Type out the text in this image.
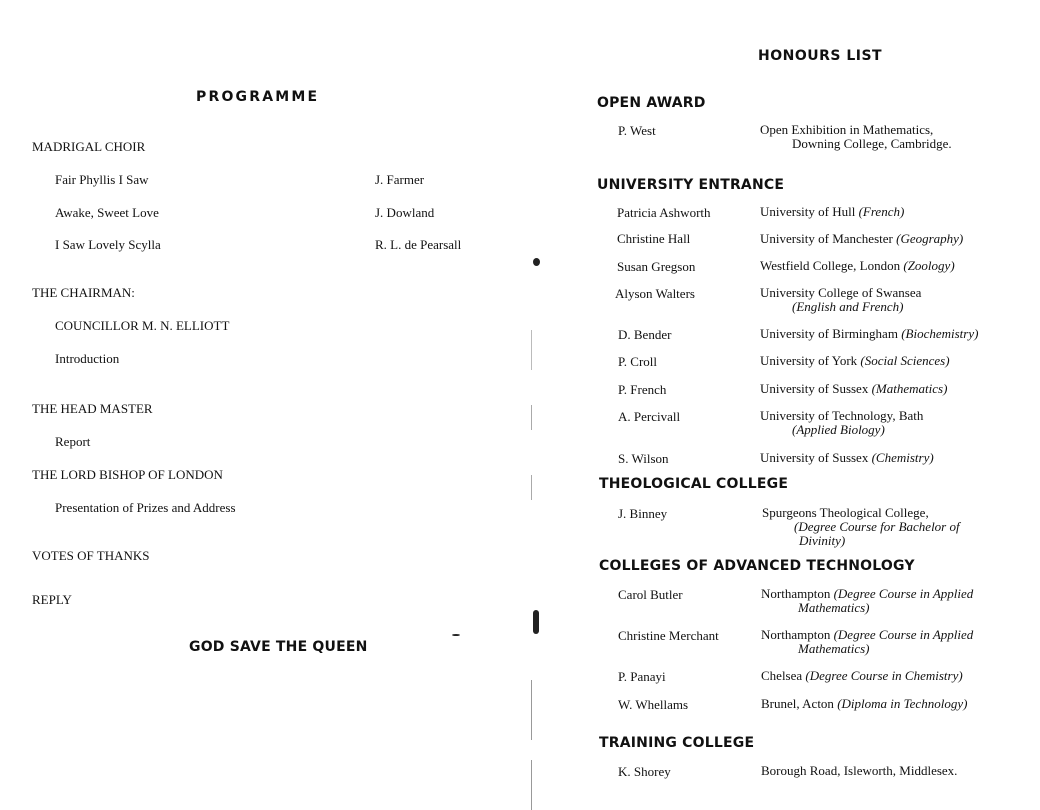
PROGRAMME
MADRIGAL CHOIR
Fair Phyllis I Saw	J. Farmer
Awake, Sweet Love	J. Dowland
I Saw Lovely Scylla	R. L. de Pearsall
THE CHAIRMAN:
COUNCILLOR M. N. ELLIOTT
Introduction
THE HEAD MASTER
Report
THE LORD BISHOP OF LONDON
Presentation of Prizes and Address
VOTES OF THANKS
REPLY
GOD SAVE THE QUEEN
HONOURS LIST
OPEN AWARD
P. West	Open Exhibition in Mathematics,
Downing College, Cambridge.
UNIVERSITY ENTRANCE
Patricia Ashworth	University of Hull (French)
Christine Hall	University of Manchester (Geography)
Susan Gregson	Westfield College, London (Zoology)
Alyson Walters	University College of Swansea
(English and French)
D. Bender	University of Birmingham (Biochemistry)
P. Croll	University of York (Social Sciences)
P. French	University of Sussex (Mathematics)
A. Percivall	University of Technology, Bath
(Applied Biology)
S. Wilson	University of Sussex (Chemistry)
THEOLOGICAL COLLEGE
J. Binney	Spurgeons Theological College,
(Degree Course for Bachelor of
Divinity)
COLLEGES OF ADVANCED TECHNOLOGY
Carol Butler	Northampton (Degree Course in Applied
Mathematics)
Christine Merchant	Northampton (Degree Course in Applied
Mathematics)
P. Panayi	Chelsea (Degree Course in Chemistry)
W. Whellams	Brunel, Acton (Diploma in Technology)
TRAINING COLLEGE
K. Shorey	Borough Road, Isleworth, Middlesex.
